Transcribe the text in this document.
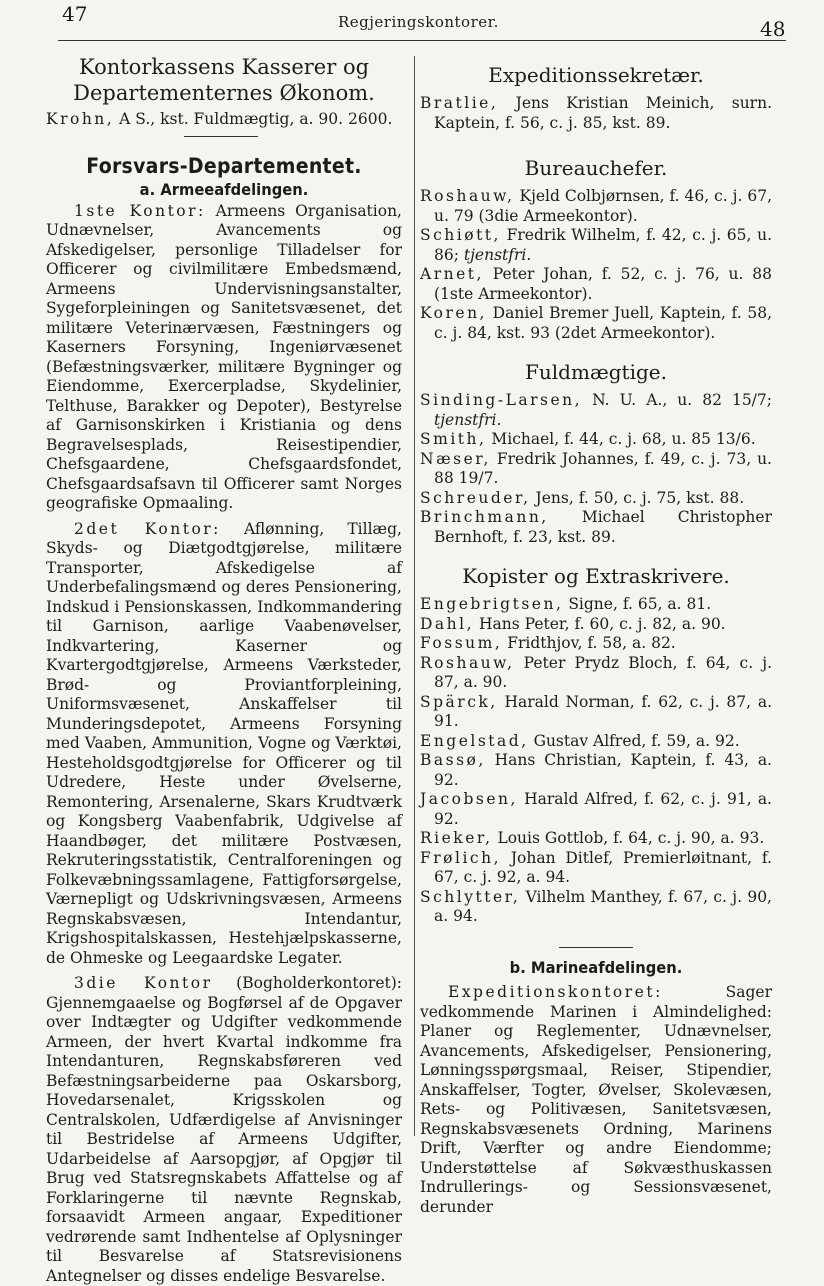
47	Regjeringskontorer.	48
Kontorkassens Kasserer og Departementernes Økonom.

Krohn, A S., kst. Fuldmægtig, a. 90. 2600.

Forsvars-Departementet.
a. Armeeafdelingen.

1ste Kontor: Armeens Organisation, Udnævnelser, Avancements og Afskedigelser, personlige Tilladelser for Officerer og civilmilitære Embedsmænd, Armeens Undervisningsanstalter, Sygeforpleiningen og Sanitetsvæsenet, det militære Veterinærvæsen, Fæstningers og Kaserners Forsyning, Ingeniørvæsenet (Befæstningsværker, militære Bygninger og Eiendomme, Exercerpladse, Skydelinier, Telthuse, Barakker og Depoter), Bestyrelse af Garnisonskirken i Kristiania og dens Begravelsesplads, Reisestipendier, Chefsgaardene, Chefsgaardsfondet, Chefsgaardsafsavn til Officerer samt Norges geografiske Opmaaling.

2det Kontor: Aflønning, Tillæg, Skyds- og Diætgodtgjørelse, militære Transporter, Afskedigelse af Underbefalingsmænd og deres Pensionering, Indskud i Pensionskassen, Indkommandering til Garnison, aarlige Vaabenøvelser, Indkvartering, Kaserner og Kvartergodtgjørelse, Armeens Værksteder, Brød- og Proviantforpleining, Uniformsvæsenet, Anskaffelser til Munderingsdepotet, Armeens Forsyning med Vaaben, Ammunition, Vogne og Værktøi, Hesteholdsgodtgjørelse for Officerer og til Udredere, Heste under Øvelserne, Remontering, Arsenalerne, Skars Krudtværk og Kongsberg Vaabenfabrik, Udgivelse af Haandbøger, det militære Postvæsen, Rekruteringsstatistik, Centralforeningen og Folkevæbningssamlagene, Fattigforsørgelse, Værnepligt og Udskrivningsvæsen, Armeens Regnskabsvæsen, Intendantur, Krigshospitalskassen, Hestehjælpskasserne, de Ohmeske og Leegaardske Legater.

3die Kontor (Bogholderkontoret): Gjennemgaaelse og Bogførsel af de Opgaver over Indtægter og Udgifter vedkommende Armeen, der hvert Kvartal indkomme fra Intendanturen, Regnskabsføreren ved Befæstningsarbeiderne paa Oskarsborg, Hovedarsenalet, Krigsskolen og Centralskolen, Udfærdigelse af Anvisninger til Bestridelse af Armeens Udgifter, Udarbeidelse af Aarsopgjør, af Opgjør til Brug ved Statsregnskabets Affattelse og af Forklaringerne til nævnte Regnskab, forsaavidt Armeen angaar, Expeditioner vedrørende samt Indhentelse af Oplysninger til Besvarelse af Statsrevisionens Antegnelser og disses endelige Besvarelse.

Expeditionssekretær.

Bratlie, Jens Kristian Meinich, surn. Kaptein, f. 56, c. j. 85, kst. 89.

Bureauchefer.

Roshauw, Kjeld Colbjørnsen, f. 46, c. j. 67, u. 79 (3die Armeekontor).

Schiøtt, Fredrik Wilhelm, f. 42, c. j. 65, u. 86; tjenstfri.

Arnet, Peter Johan, f. 52, c. j. 76, u. 88 (1ste Armeekontor).

Koren, Daniel Bremer Juell, Kaptein, f. 58, c. j. 84, kst. 93 (2det Armeekontor).

Fuldmægtige.

Sinding-Larsen, N. U. A., u. 82 15/7; tjenstfri.

Smith, Michael, f. 44, c. j. 68, u. 85 13/6.

Næser, Fredrik Johannes, f. 49, c. j. 73, u. 88 19/7.

Schreuder, Jens, f. 50, c. j. 75, kst. 88.

Brinchmann, Michael Christopher Bernhoft, f. 23, kst. 89.

Kopister og Extraskrivere.

Engebrigtsen, Signe, f. 65, a. 81.

Dahl, Hans Peter, f. 60, c. j. 82, a. 90.

Fossum, Fridthjov, f. 58, a. 82.

Roshauw, Peter Prydz Bloch, f. 64, c. j. 87, a. 90.

Spärck, Harald Norman, f. 62, c. j. 87, a. 91.

Engelstad, Gustav Alfred, f. 59, a. 92.

Bassø, Hans Christian, Kaptein, f. 43, a. 92.

Jacobsen, Harald Alfred, f. 62, c. j. 91, a. 92.

Rieker, Louis Gottlob, f. 64, c. j. 90, a. 93.

Frølich, Johan Ditlef, Premierløitnant, f. 67, c. j. 92, a. 94.

Schlytter, Vilhelm Manthey, f. 67, c. j. 90, a. 94.

b. Marineafdelingen.

Expeditionskontoret:	Sager vedkommende Marinen i Almindelighed: Planer og Reglementer, Udnævnelser, Avancements, Afskedigelser, Pensionering, Lønningsspørgsmaal, Reiser, Stipendier, Anskaffelser, Togter, Øvelser, Skolevæsen, Rets- og Politivæsen, Sanitetsvæsen, Regnskabsvæsenets Ordning, Marinens Drift, Værfter og andre Eiendomme; Understøttelse af Søkvæsthuskassen Indrullerings- og Sessionsvæsenet, derunder
